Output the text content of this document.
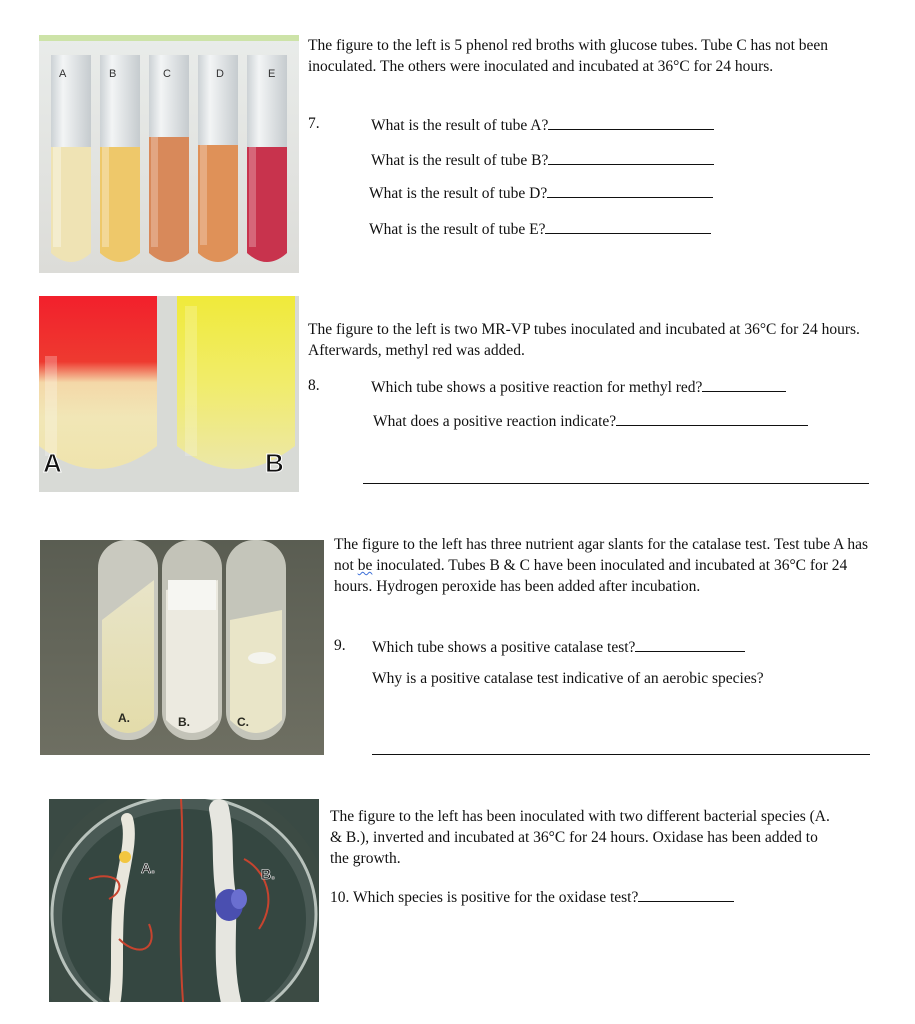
A	B	C	D	E

The figure to the left is 5 phenol red broths with glucose tubes. Tube C has not been inoculated. The others were inoculated and incubated at 36°C for 24 hours.

7.	What is the result of tube A?
What is the result of tube B?
What is the result of tube D?
What is the result of tube E?
A	B

The figure to the left is two MR-VP tubes inoculated and incubated at 36°C for 24 hours. Afterwards, methyl red was added.

8.	Which tube shows a positive reaction for methyl red?
What does a positive reaction indicate?
A.	B.	C.

The figure to the left has three nutrient agar slants for the catalase test. Test tube A has not be inoculated. Tubes B & C have been inoculated and incubated at 36°C for 24 hours. Hydrogen peroxide has been added after incubation.

9. Which tube shows a positive catalase test?
Why is a positive catalase test indicative of an aerobic species?
A.	B.

The figure to the left has been inoculated with two different bacterial species (A. & B.), inverted and incubated at 36°C for 24 hours. Oxidase has been added to the growth.

10. Which species is positive for the oxidase test?
